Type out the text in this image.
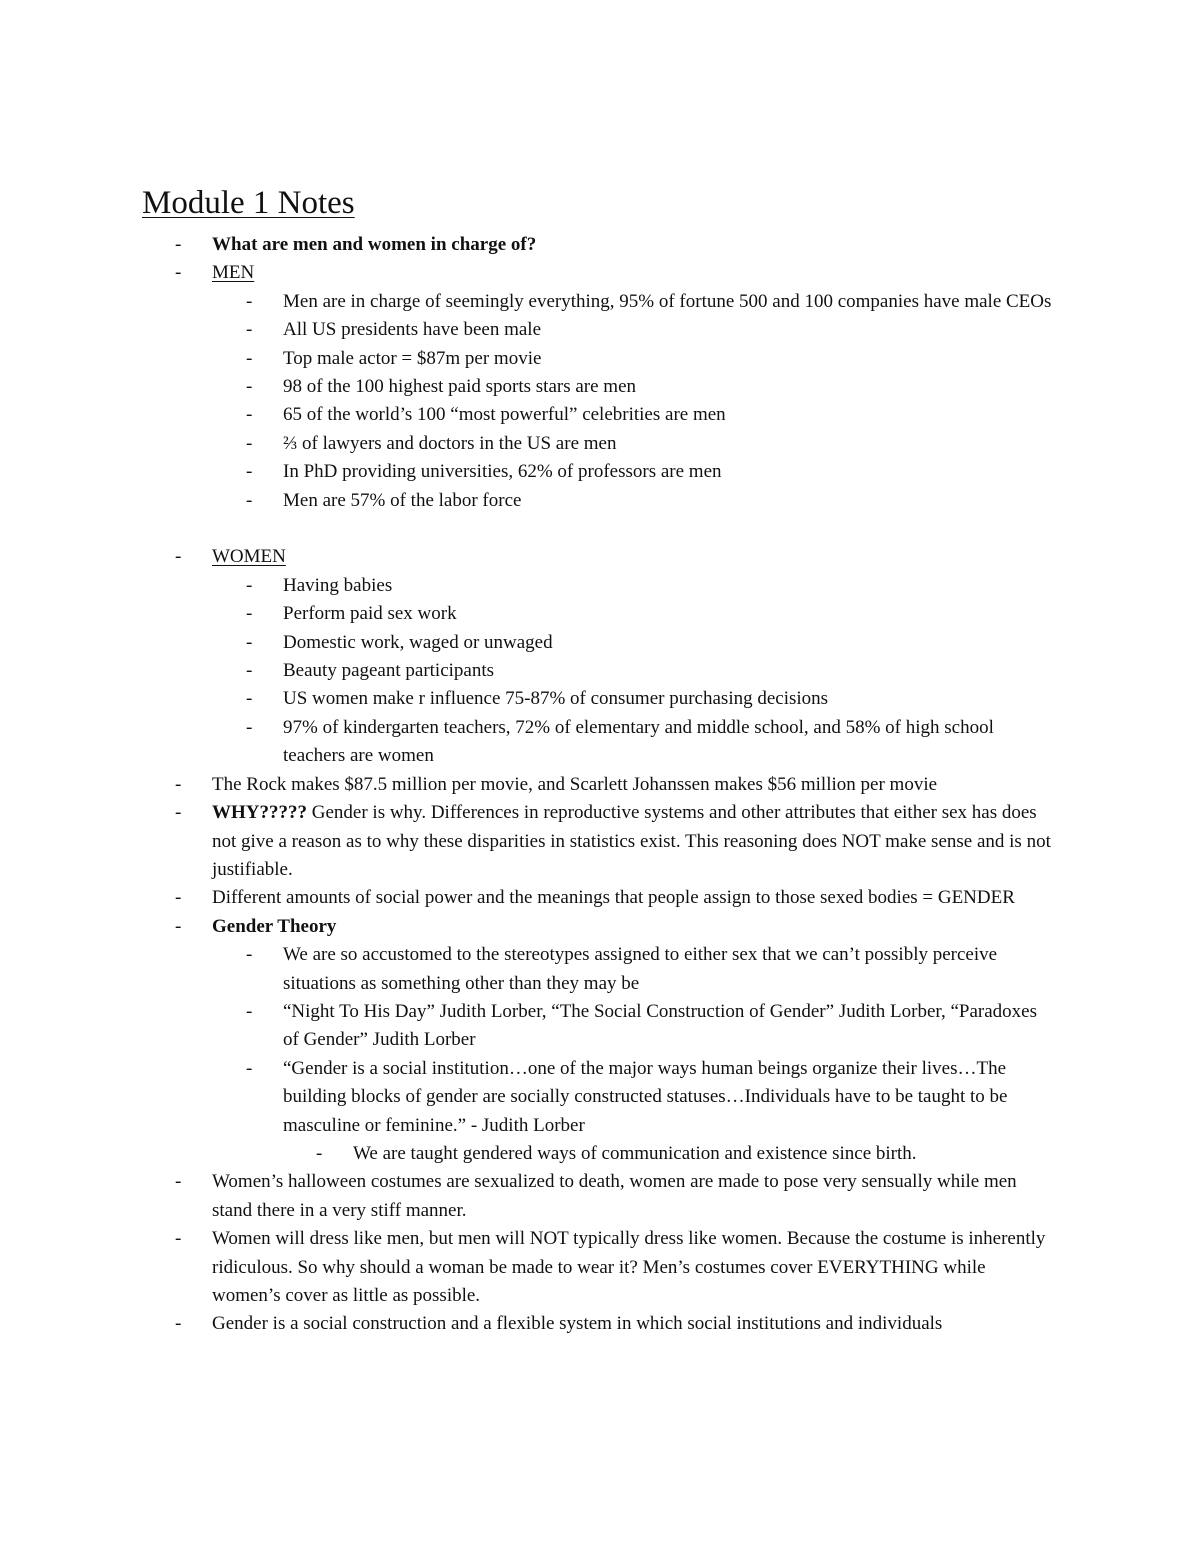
Module 1 Notes
- What are men and women in charge of?
- MEN
- Men are in charge of seemingly everything, 95% of fortune 500 and 100 companies have male CEOs
- All US presidents have been male
- Top male actor = $87m per movie
- 98 of the 100 highest paid sports stars are men
- 65 of the world’s 100 “most powerful” celebrities are men
- ⅔ of lawyers and doctors in the US are men
- In PhD providing universities, 62% of professors are men
- Men are 57% of the labor force
- WOMEN
- Having babies
- Perform paid sex work
- Domestic work, waged or unwaged
- Beauty pageant participants
- US women make r influence 75-87% of consumer purchasing decisions
- 97% of kindergarten teachers, 72% of elementary and middle school, and 58% of high school teachers are women
- The Rock makes $87.5 million per movie, and Scarlett Johanssen makes $56 million per movie
- WHY????? Gender is why. Differences in reproductive systems and other attributes that either sex has does not give a reason as to why these disparities in statistics exist. This reasoning does NOT make sense and is not justifiable.
- Different amounts of social power and the meanings that people assign to those sexed bodies = GENDER
- Gender Theory
- We are so accustomed to the stereotypes assigned to either sex that we can’t possibly perceive situations as something other than they may be
- “Night To His Day” Judith Lorber, “The Social Construction of Gender” Judith Lorber, “Paradoxes of Gender” Judith Lorber
- “Gender is a social institution…one of the major ways human beings organize their lives…The building blocks of gender are socially constructed statuses…Individuals have to be taught to be masculine or feminine.” - Judith Lorber
- We are taught gendered ways of communication and existence since birth.
- Women’s halloween costumes are sexualized to death, women are made to pose very sensually while men stand there in a very stiff manner.
- Women will dress like men, but men will NOT typically dress like women. Because the costume is inherently ridiculous. So why should a woman be made to wear it? Men’s costumes cover EVERYTHING while women’s cover as little as possible.
- Gender is a social construction and a flexible system in which social institutions and individuals
